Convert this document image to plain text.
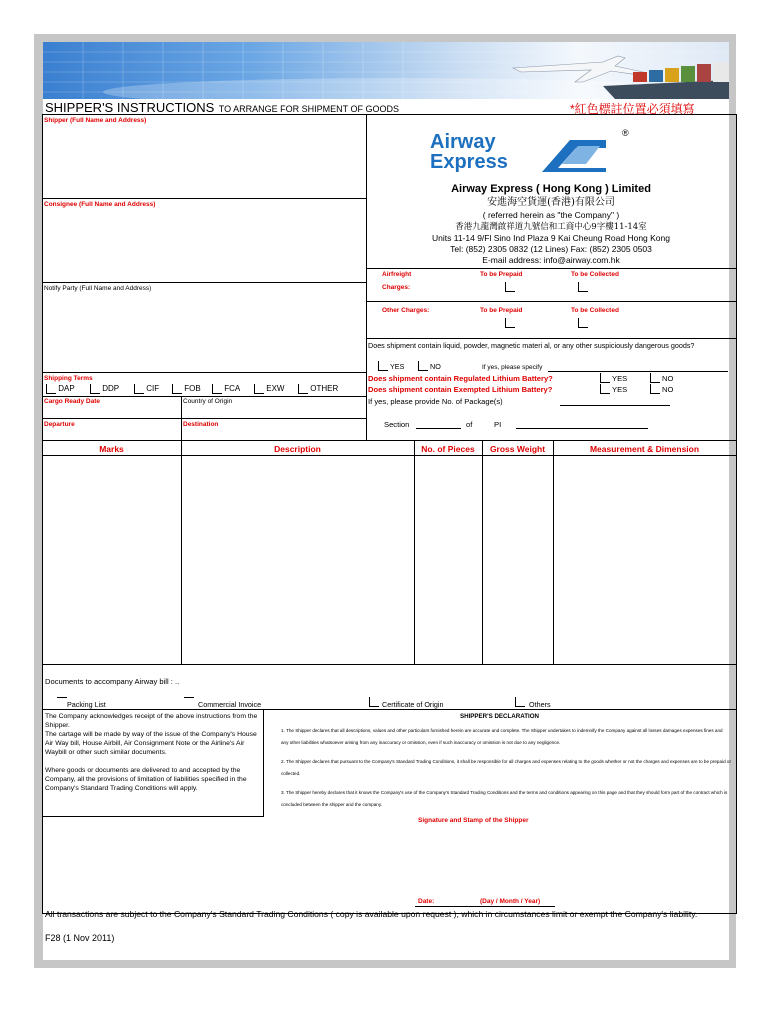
SHIPPER'S INSTRUCTIONS TO ARRANGE FOR SHIPMENT OF GOODS	*紅色標註位置必須填寫
Shipper (Full Name and Address)
Consignee (Full Name and Address)
Notify Party (Full Name and Address)
Shipping Terms
DAP	DDP	CIF	FOB	FCA	EXW	OTHER
Cargo Ready Date	Country of Origin
Departure	Destination
Airway
Express
®
Airway Express ( Hong Kong ) Limited
安進海空貨運(香港)有限公司
( referred herein as "the Company" )
香港九龍灣啟祥道九號信和工商中心9字樓11-14室
Units 11-14 9/Fl Sino Ind Plaza 9 Kai Cheung Road Hong Kong
Tel: (852) 2305 0832 (12 Lines) Fax: (852) 2305 0503
E-mail address: info@airway.com.hk
Airfreight
Charges:
To be Prepaid	To be Collected
Other Charges:	To be Prepaid	To be Collected
Does shipment contain liquid, powder, magnetic materi al, or any other suspiciously dangerous goods?
YES	NO	If yes, please specify
Does shipment contain Regulated Lithium Battery?
Does shipment contain Exempted Lithium Battery?
YES	NO
YES	NO
If yes, please provide No. of Package(s)
Section	of	PI
Marks	Description	No. of Pieces	Gross Weight	Measurement & Dimension
Documents to accompany Airway bill : ..
Packing List	Commercial Invoice	Certificate of Origin	Others
The Company acknowledges receipt of the above instructions from the Shipper.
The cartage will be made by way of the issue of the Company's House Air Way bill, House Airbill, Air Consignment Note or the Airline's Air Waybill or other such similar documents.
Where goods or documents are delivered to and accepted by the Company, all the provisions of limitation of liabilities specified in the Company's Standard Trading Conditions will apply.
SHIPPER'S DECLARATION
1. The Shipper declares that all descriptions, values and other particulars furnished herein are accurate and complete. The Shipper undertakes to indemnify the Company against all losses damages expenses fines and any other liabilities whatsoever arising from any inaccuracy or omission, even if such inaccuracy or omission is not due to any negligence.
2. The Shipper declares that pursuant to the Company's Standard Trading Conditions, it shall be responsible for all charges and expenses relating to the goods whether or not the charges and expenses are to be prepaid or collected.
3. The Shipper hereby declares that it knows the Company's use of the Company's Standard Trading Conditions and the terms and conditions appearing on this page and that they should form part of the contract which is concluded between the shipper and the company.
Signature and Stamp of the Shipper
Date:	(Day / Month / Year)
All transactions are subject to the Company's Standard Trading Conditions ( copy is available upon request ), which in circumstances limit or exempt the Company's liability.
F28 (1 Nov 2011)
